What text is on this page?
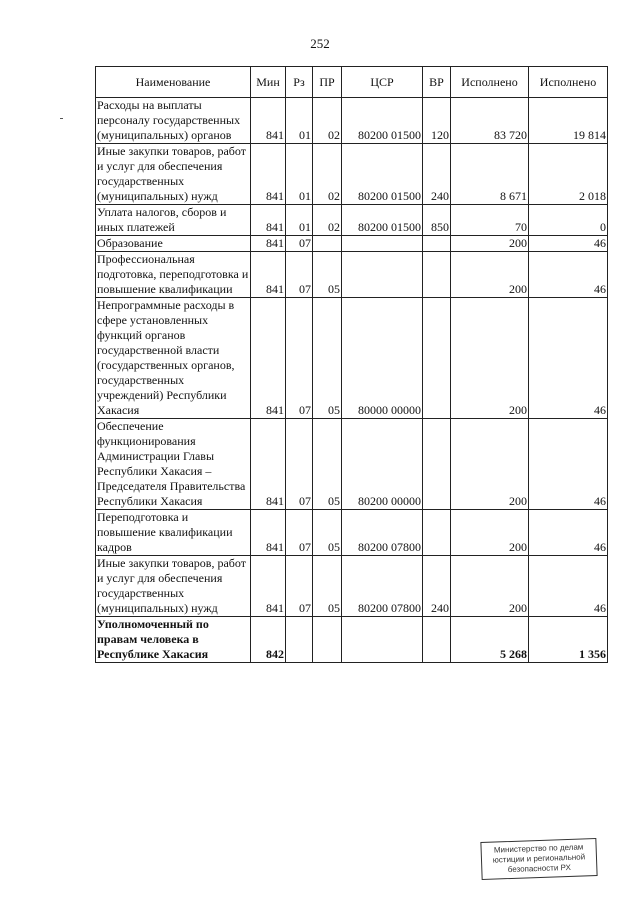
252
Наименование	Мин	Рз	ПР	ЦСР	ВР	Исполнено	Исполнено
Расходы на выплаты персоналу государственных (муниципальных) органов	841	01	02	80200 01500	120	83 720	19 814
Иные закупки товаров, работ и услуг для обеспечения государственных (муниципальных) нужд	841	01	02	80200 01500	240	8 671	2 018
Уплата налогов, сборов и иных платежей	841	01	02	80200 01500	850	70	0
Образование	841	07				200	46
Профессиональная подготовка, переподготовка и повышение квалификации	841	07	05			200	46
Непрограммные расходы в сфере установленных функций органов государственной власти (государственных органов, государственных учреждений) Республики Хакасия	841	07	05	80000 00000		200	46
Обеспечение функционирования Администрации Главы Республики Хакасия – Председателя Правительства Республики Хакасия	841	07	05	80200 00000		200	46
Переподготовка и повышение квалификации кадров	841	07	05	80200 07800		200	46
Иные закупки товаров, работ и услуг для обеспечения государственных (муниципальных) нужд	841	07	05	80200 07800	240	200	46
Уполномоченный по правам человека в Республике Хакасия	842					5 268	1 356
Министерство по делам
юстиции и региональной
безопасности РХ
